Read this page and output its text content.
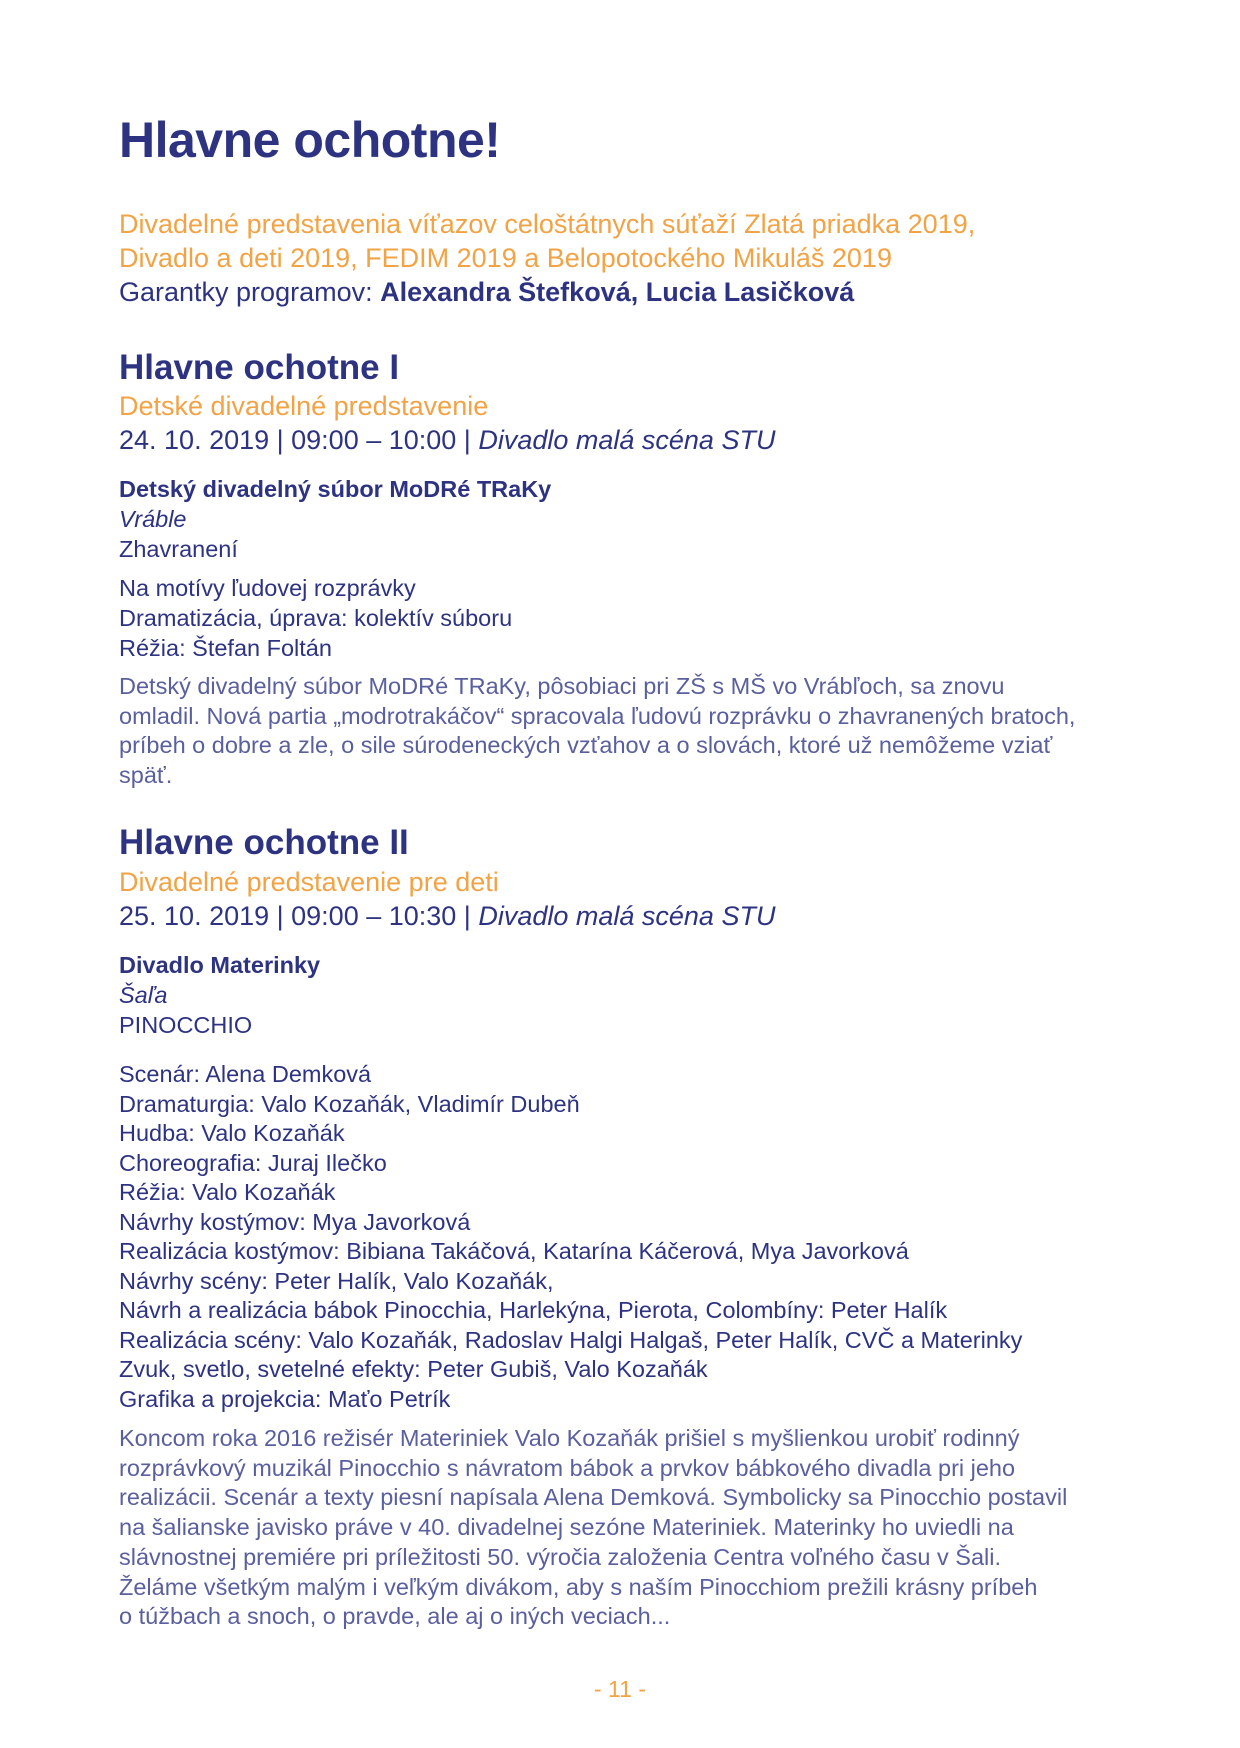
Hlavne ochotne!
Divadelné predstavenia víťazov celoštátnych súťaží Zlatá priadka 2019,
Divadlo a deti 2019, FEDIM 2019 a Belopotockého Mikuláš 2019
Garantky programov: Alexandra Štefková, Lucia Lasičková
Hlavne ochotne I
Detské divadelné predstavenie
24. 10. 2019 | 09:00 – 10:00 | Divadlo malá scéna STU
Detský divadelný súbor MoDRé TRaKy
Vráble
Zhavranení
Na motívy ľudovej rozprávky
Dramatizácia, úprava: kolektív súboru
Réžia: Štefan Foltán
Detský divadelný súbor MoDRé TRaKy, pôsobiaci pri ZŠ s MŠ vo Vrábľoch, sa znovu
omladil. Nová partia „modrotrakáčov“ spracovala ľudovú rozprávku o zhavranených bratoch,
príbeh o dobre a zle, o sile súrodeneckých vzťahov a o slovách, ktoré už nemôžeme vziať
späť.
Hlavne ochotne II
Divadelné predstavenie pre deti
25. 10. 2019 | 09:00 – 10:30 | Divadlo malá scéna STU
Divadlo Materinky
Šaľa
PINOCCHIO
Scenár: Alena Demková
Dramaturgia: Valo Kozaňák, Vladimír Dubeň
Hudba: Valo Kozaňák
Choreografia: Juraj Ilečko
Réžia: Valo Kozaňák
Návrhy kostýmov: Mya Javorková
Realizácia kostýmov: Bibiana Takáčová, Katarína Káčerová, Mya Javorková
Návrhy scény: Peter Halík, Valo Kozaňák,
Návrh a realizácia bábok Pinocchia, Harlekýna, Pierota, Colombíny: Peter Halík
Realizácia scény: Valo Kozaňák, Radoslav Halgi Halgaš, Peter Halík, CVČ a Materinky
Zvuk, svetlo, svetelné efekty: Peter Gubiš, Valo Kozaňák
Grafika a projekcia: Maťo Petrík
Koncom roka 2016 režisér Materiniek Valo Kozaňák prišiel s myšlienkou urobiť rodinný
rozprávkový muzikál Pinocchio s návratom bábok a prvkov bábkového divadla pri jeho
realizácii. Scenár a texty piesní napísala Alena Demková. Symbolicky sa Pinocchio postavil
na šalianske javisko práve v 40. divadelnej sezóne Materiniek. Materinky ho uviedli na
slávnostnej premiére pri príležitosti 50. výročia založenia Centra voľného času v Šali.
Želáme všetkým malým i veľkým divákom, aby s naším Pinocchiom prežili krásny príbeh
o túžbach a snoch, o pravde, ale aj o iných veciach...
- 11 -
